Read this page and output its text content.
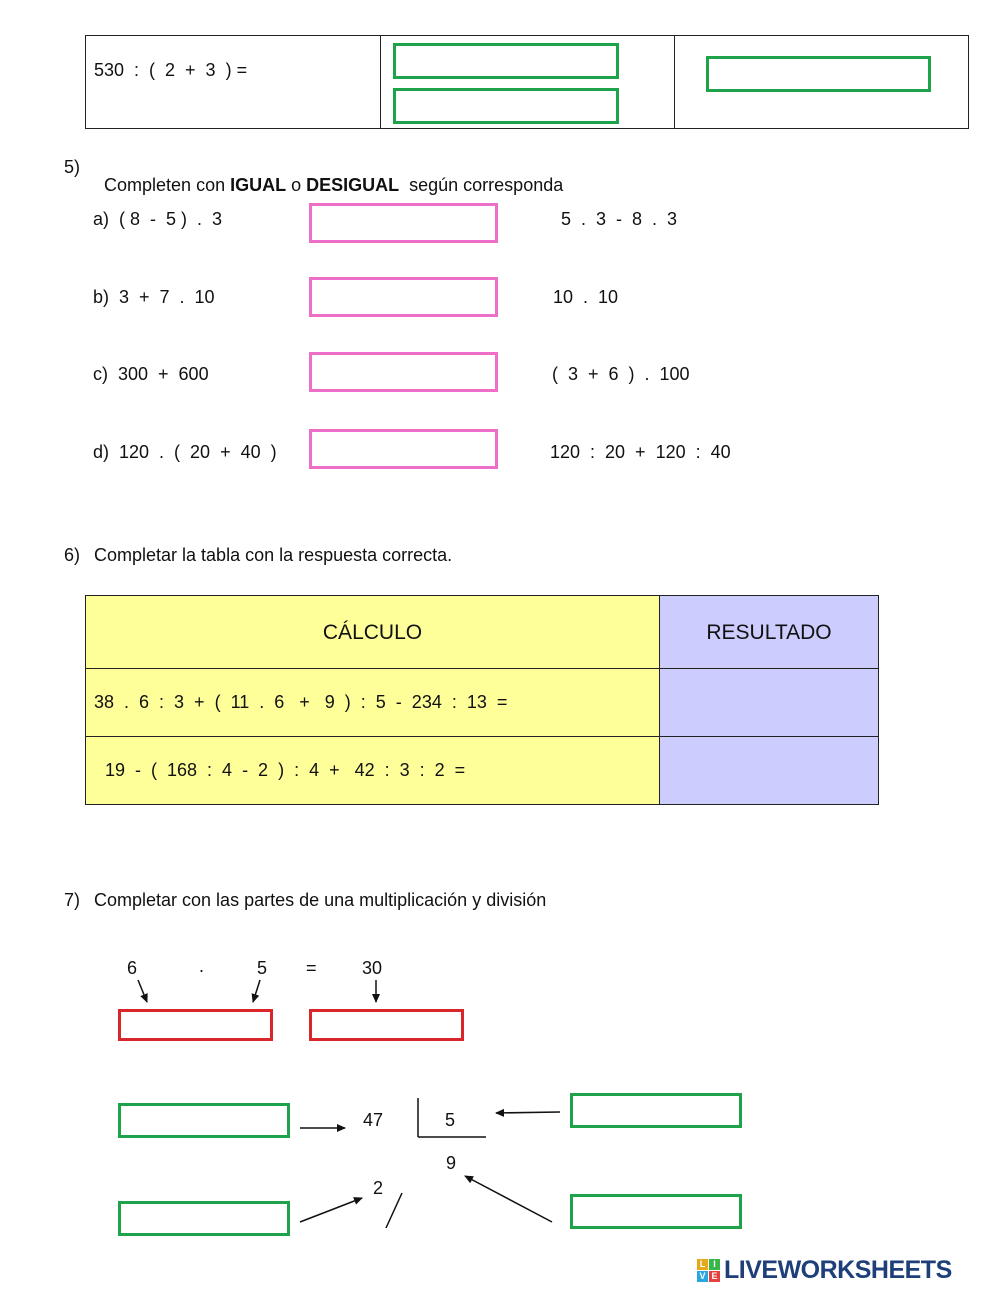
530  :  (  2  +  3  ) =
5)

Completen con IGUAL o DESIGUAL  según corresponda

a)  ( 8  -  5 )  .  3	5  .  3  -  8  .  3
b)  3  +  7  .  10	10  .  10
c)  300  +  600	(  3  +  6  )  .  100
d)  120  .  (  20  +  40  )	120  :  20  +  120  :  40
6) Completar la tabla con la respuesta correcta.
CÁLCULO	RESULTADO
38  .  6  :  3  +  (  11  .  6   +   9  )  :  5  -  234  :  13  =
19  -  (  168  :  4  -  2  )  :  4  +   42  :  3  :  2  =
7) Completar con las partes de una multiplicación y división
6	.	5 =	30
47	5
9
2
L I
V E LIVEWORKSHEETS
